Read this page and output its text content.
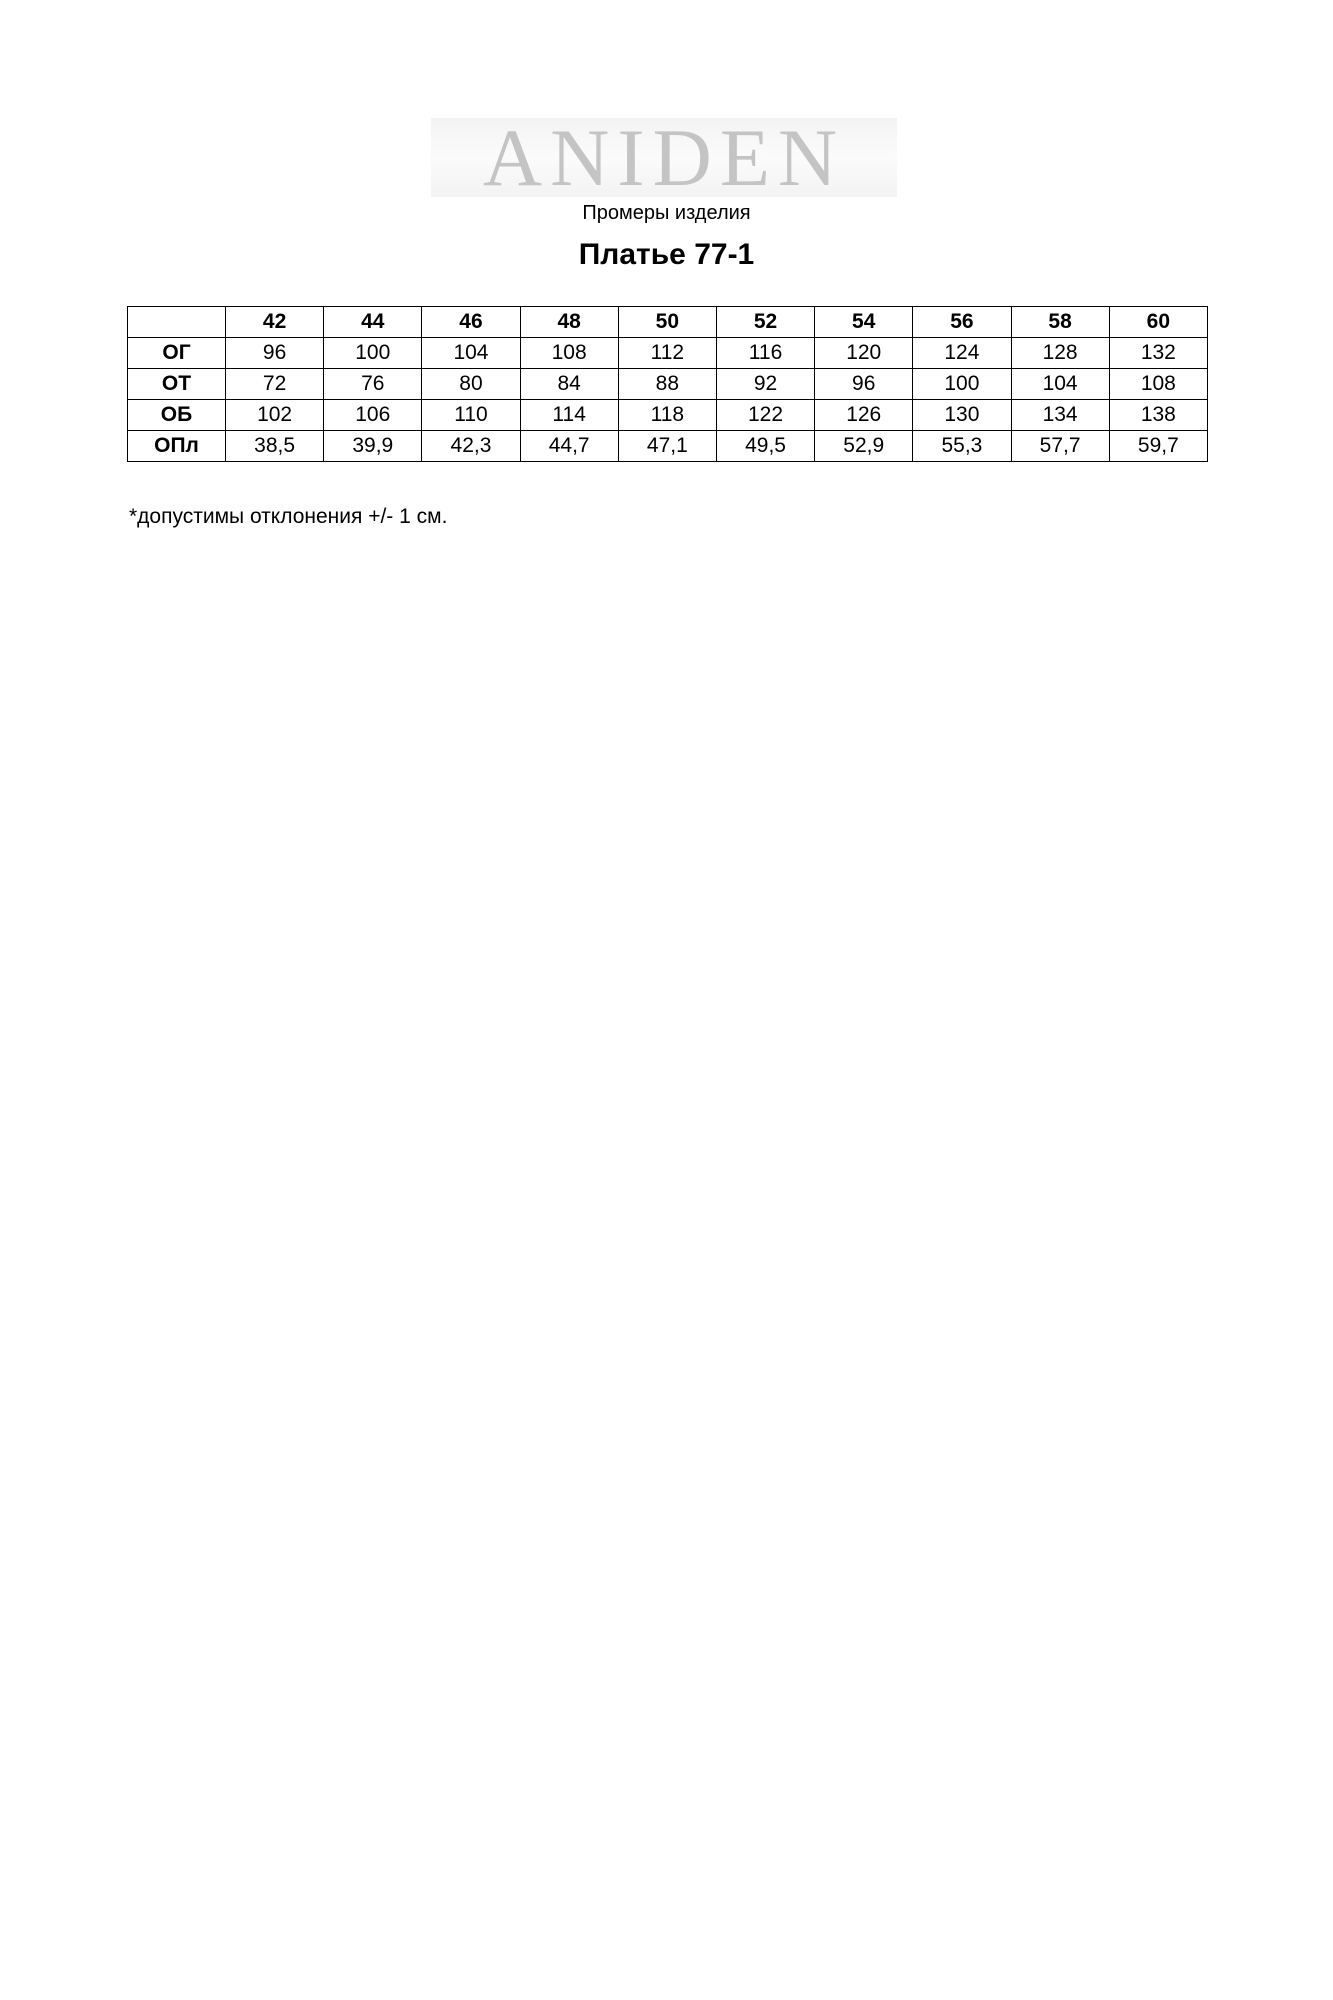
ANIDEN
Промеры изделия
Платье 77-1
	42	44	46	48	50	52	54	56	58	60
ОГ	96	100	104	108	112	116	120	124	128	132
ОТ	72	76	80	84	88	92	96	100	104	108
ОБ	102	106	110	114	118	122	126	130	134	138
ОПл	38,5	39,9	42,3	44,7	47,1	49,5	52,9	55,3	57,7	59,7
*допустимы отклонения +/- 1 см.
